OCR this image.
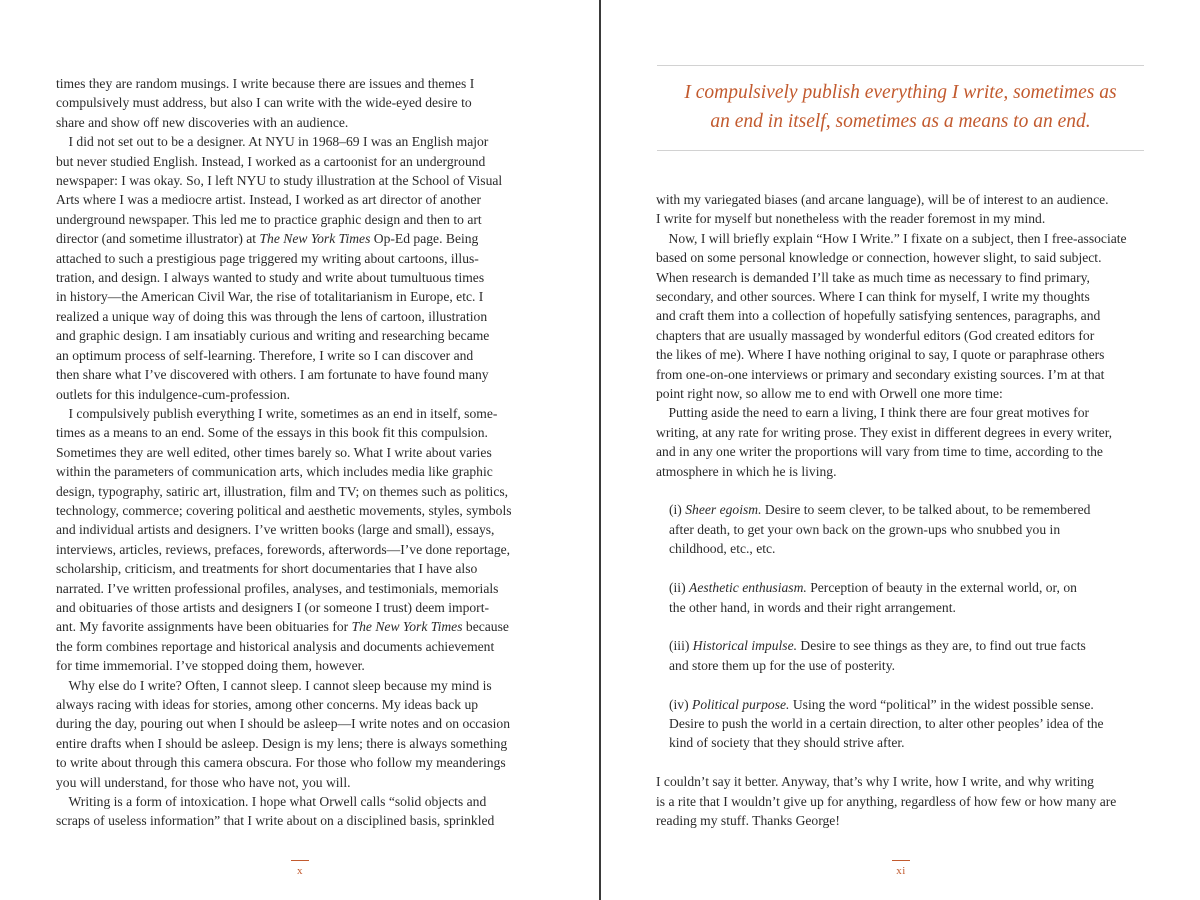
times they are random musings. I write because there are issues and themes I
compulsively must address, but also I can write with the wide-eyed desire to
share and show off new discoveries with an audience.
I did not set out to be a designer. At NYU in 1968–69 I was an English major
but never studied English. Instead, I worked as a cartoonist for an underground
newspaper: I was okay. So, I left NYU to study illustration at the School of Visual
Arts where I was a mediocre artist. Instead, I worked as art director of another
underground newspaper. This led me to practice graphic design and then to art
director (and sometime illustrator) at The New York Times Op-Ed page. Being
attached to such a prestigious page triggered my writing about cartoons, illus-
tration, and design. I always wanted to study and write about tumultuous times
in history—the American Civil War, the rise of totalitarianism in Europe, etc. I
realized a unique way of doing this was through the lens of cartoon, illustration
and graphic design. I am insatiably curious and writing and researching became
an optimum process of self-learning. Therefore, I write so I can discover and
then share what I’ve discovered with others. I am fortunate to have found many
outlets for this indulgence-cum-profession.
I compulsively publish everything I write, sometimes as an end in itself, some-
times as a means to an end. Some of the essays in this book fit this compulsion.
Sometimes they are well edited, other times barely so. What I write about varies
within the parameters of communication arts, which includes media like graphic
design, typography, satiric art, illustration, film and TV; on themes such as politics,
technology, commerce; covering political and aesthetic movements, styles, symbols
and individual artists and designers. I’ve written books (large and small), essays,
interviews, articles, reviews, prefaces, forewords, afterwords—I’ve done reportage,
scholarship, criticism, and treatments for short documentaries that I have also
narrated. I’ve written professional profiles, analyses, and testimonials, memorials
and obituaries of those artists and designers I (or someone I trust) deem import-
ant. My favorite assignments have been obituaries for The New York Times because
the form combines reportage and historical analysis and documents achievement
for time immemorial. I’ve stopped doing them, however.
Why else do I write? Often, I cannot sleep. I cannot sleep because my mind is
always racing with ideas for stories, among other concerns. My ideas back up
during the day, pouring out when I should be asleep—I write notes and on occasion
entire drafts when I should be asleep. Design is my lens; there is always something
to write about through this camera obscura. For those who follow my meanderings
you will understand, for those who have not, you will.
Writing is a form of intoxication. I hope what Orwell calls “solid objects and
scraps of useless information” that I write about on a disciplined basis, sprinkled
x
I compulsively publish everything I write, sometimes as
an end in itself, sometimes as a means to an end.
with my variegated biases (and arcane language), will be of interest to an audience.
I write for myself but nonetheless with the reader foremost in my mind.
Now, I will briefly explain “How I Write.” I fixate on a subject, then I free-associate
based on some personal knowledge or connection, however slight, to said subject.
When research is demanded I’ll take as much time as necessary to find primary,
secondary, and other sources. Where I can think for myself, I write my thoughts
and craft them into a collection of hopefully satisfying sentences, paragraphs, and
chapters that are usually massaged by wonderful editors (God created editors for
the likes of me). Where I have nothing original to say, I quote or paraphrase others
from one-on-one interviews or primary and secondary existing sources. I’m at that
point right now, so allow me to end with Orwell one more time:
Putting aside the need to earn a living, I think there are four great motives for
writing, at any rate for writing prose. They exist in different degrees in every writer,
and in any one writer the proportions will vary from time to time, according to the
atmosphere in which he is living.
(i) Sheer egoism. Desire to seem clever, to be talked about, to be remembered
after death, to get your own back on the grown-ups who snubbed you in
childhood, etc., etc.
(ii) Aesthetic enthusiasm. Perception of beauty in the external world, or, on
the other hand, in words and their right arrangement.
(iii) Historical impulse. Desire to see things as they are, to find out true facts
and store them up for the use of posterity.
(iv) Political purpose. Using the word “political” in the widest possible sense.
Desire to push the world in a certain direction, to alter other peoples’ idea of the
kind of society that they should strive after.
I couldn’t say it better. Anyway, that’s why I write, how I write, and why writing
is a rite that I wouldn’t give up for anything, regardless of how few or how many are
reading my stuff. Thanks George!
xi
